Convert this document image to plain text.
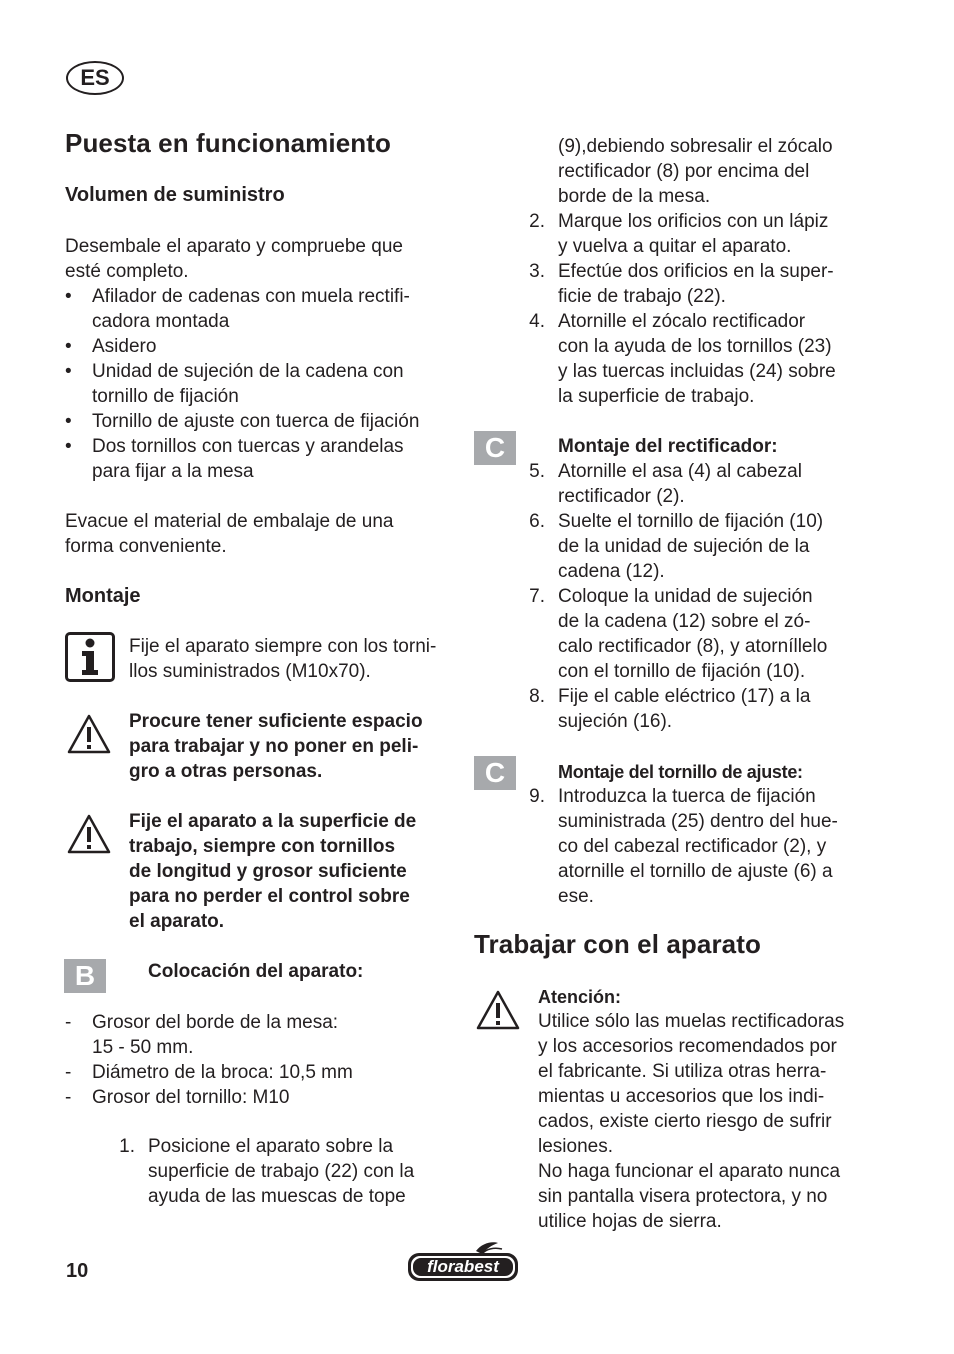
ES
Puesta en funcionamiento
Volumen de suministro
Desembale el aparato y compruebe que
esté completo.
• Afilador de cadenas con muela rectifi-
cadora montada
• Asidero
• Unidad de sujeción de la cadena con
tornillo de fijación
• Tornillo de ajuste con tuerca de fijación
• Dos tornillos con tuercas y arandelas
para fijar a la mesa
Evacue el material de embalaje de una
forma conveniente.
Montaje
Fije el aparato siempre con los torni-
llos suministrados (M10x70).
Procure tener suficiente espacio
para trabajar y no poner en peli-
gro a otras personas.
Fije el aparato a la superficie de
trabajo, siempre con tornillos
de longitud y grosor suficiente
para no perder el control sobre
el aparato.
B	Colocación del aparato:
- Grosor del borde de la mesa:
15 - 50 mm.
- Diámetro de la broca: 10,5 mm
- Grosor del tornillo: M10
1. Posicione el aparato sobre la
superficie de trabajo (22) con la
ayuda de las muescas de tope
(9),debiendo sobresalir el zócalo
rectificador (8) por encima del
borde de la mesa.
2. Marque los orificios con un lápiz
y vuelva a quitar el aparato.
3. Efectúe dos orificios en la super-
ficie de trabajo (22).
4. Atornille el zócalo rectificador
con la ayuda de los tornillos (23)
y las tuercas incluidas (24) sobre
la superficie de trabajo.
C	Montaje del rectificador:
5. Atornille el asa (4) al cabezal
rectificador (2).
6. Suelte el tornillo de fijación (10)
de la unidad de sujeción de la
cadena (12).
7. Coloque la unidad de sujeción
de la cadena (12) sobre el zó-
calo rectificador (8), y atorníllelo
con el tornillo de fijación (10).
8. Fije el cable eléctrico (17) a la
sujeción (16).
C	Montaje del tornillo de ajuste:
9. Introduzca la tuerca de fijación
suministrada (25) dentro del hue-
co del cabezal rectificador (2), y
atornille el tornillo de ajuste (6) a
ese.
Trabajar con el aparato
Atención:
Utilice sólo las muelas rectificadoras
y los accesorios recomendados por
el fabricante. Si utiliza otras herra-
mientas u accesorios que los indi-
cados, existe cierto riesgo de sufrir
lesiones.
No haga funcionar el aparato nunca
sin pantalla visera protectora, y no
utilice hojas de sierra.
10	florabest
